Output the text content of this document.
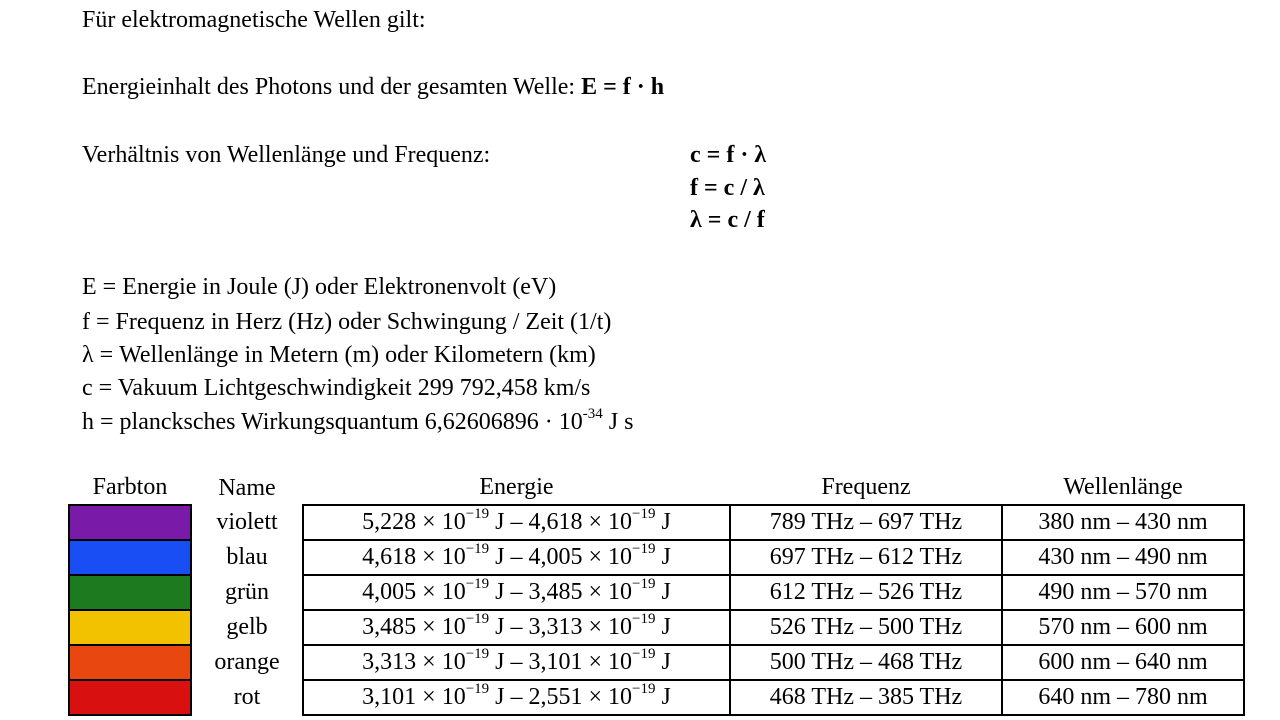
Für elektromagnetische Wellen gilt:
Energieinhalt des Photons und der gesamten Welle: E = f · h
Verhältnis von Wellenlänge und Frequenz:	c = f · λ
f = c / λ
λ = c / f
E = Energie in Joule (J) oder Elektronenvolt (eV)
f = Frequenz in Herz (Hz) oder Schwingung / Zeit (1/t)
λ = Wellenlänge in Metern (m) oder Kilometern (km)
c = Vakuum Lichtgeschwindigkeit 299 792,458 km/s
h = plancksches Wirkungsquantum $6,62606896 \cdot 10^{-34}$ J s
Farbton	Name	Energie	Frequenz	Wellenlänge
	violett	$5,228 \times 10^{-19}$ $J - 4,618 \times 10^{-19}$ J	789 THz – 697 THz	380 nm – 430 nm
	blau	$4,618 \times 10^{-19}$ $J - 4,005 \times 10^{-19}$ J	697 THz – 612 THz	430 nm – 490 nm
	grün	$4,005 \times 10^{-19}$ $J - 3,485 \times 10^{-19}$ J	612 THz – 526 THz	490 nm – 570 nm
	gelb	$3,485 \times 10^{-19}$ $J - 3,313 \times 10^{-19}$ J	526 THz – 500 THz	570 nm – 600 nm
	orange	$3,313 \times 10^{-19}$ $J - 3,101 \times 10^{-19}$ J	500 THz – 468 THz	600 nm – 640 nm
	rot	$3,101 \times 10^{-19}$ $J - 2,551 \times 10^{-19}$ J	468 THz – 385 THz	640 nm – 780 nm
